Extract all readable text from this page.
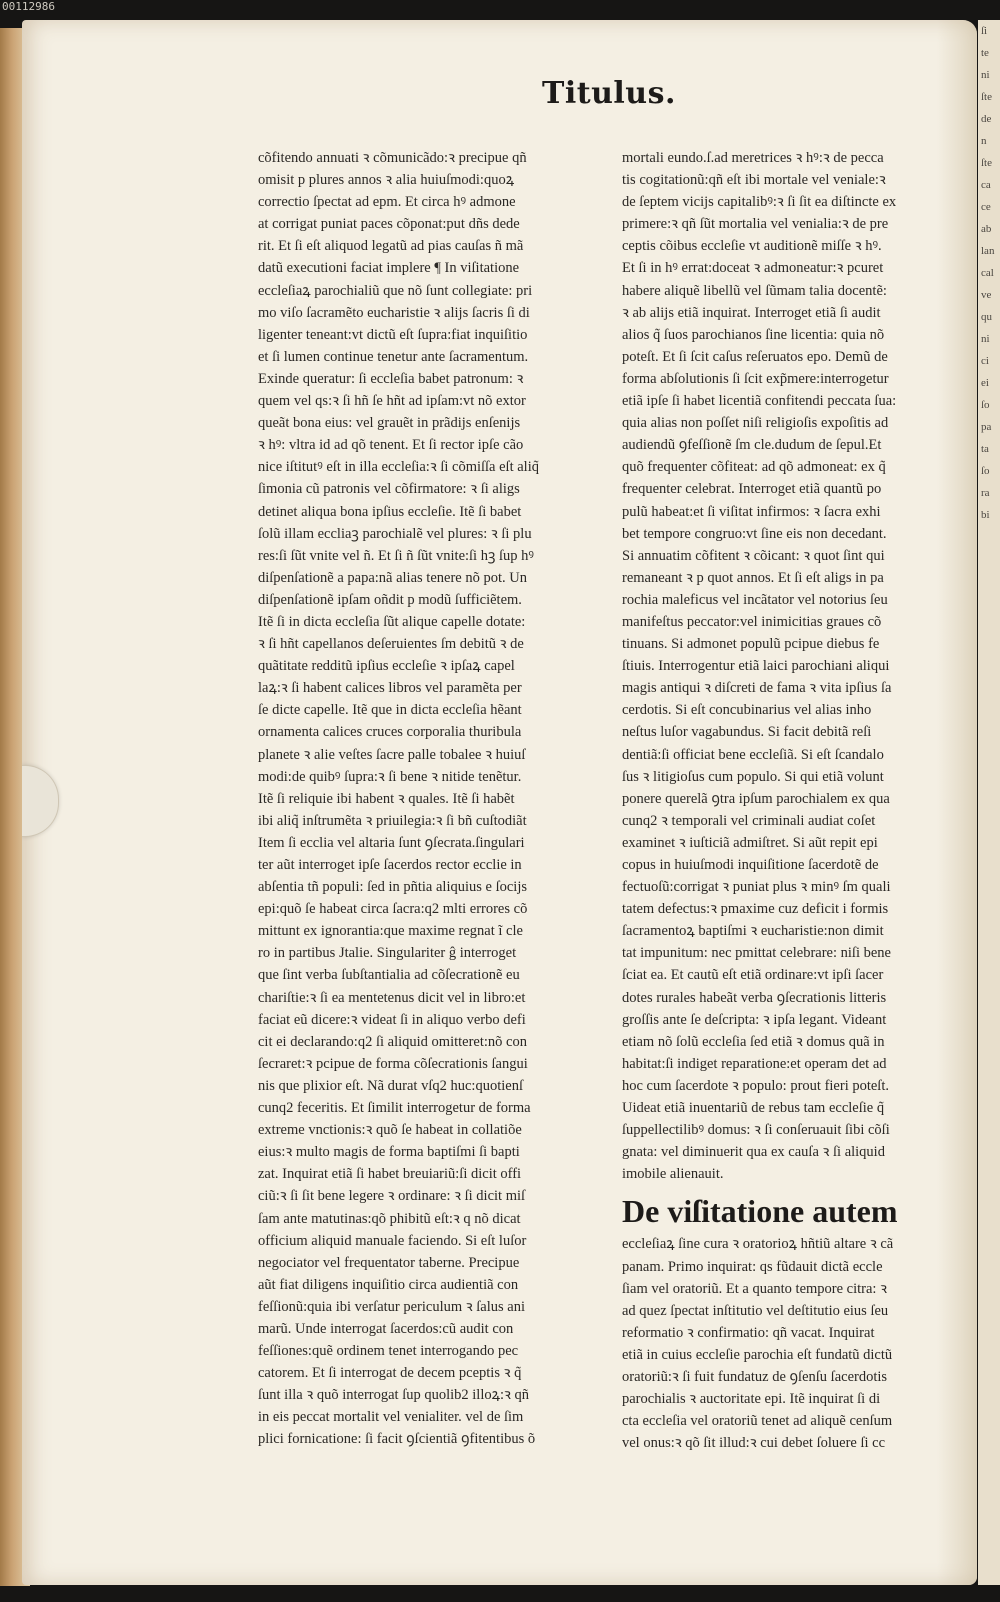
00112986
Titulus.
cõfitendo annuati ꝛ cõmunicãdo:ꝛ precipue qñ
omisit p plures annos ꝛ alia huiuſmodi:quoꝝ
correctio ſpectat ad epm. Et circa hꝰ admone
at corrigat puniat paces cõponat:put dñs dede
rit. Et ſi eſt aliquod legatũ ad pias cauſas ñ mã
datũ executioni faciat implere ¶ In viſitatione
eccleſiaꝝ parochialiũ que nõ ſunt collegiate: pri
mo viſo ſacramẽto eucharistie ꝛ alijs ſacris ſi di
ligenter teneant:vt dictũ eſt ſupra:fiat inquiſitio
et ſi lumen continue tenetur ante ſacramentum.
Exinde queratur: ſi eccleſia babet patronum: ꝛ
quem vel qs:ꝛ ſi hñ ſe hñt ad ipſam:vt nõ extor
queãt bona eius: vel grauẽt in prãdijs enſenijs
ꝛ hꝰ: vltra id ad qõ tenent. Et ſi rector ipſe cão
nice iſtitutꝰ eſt in illa eccleſia:ꝛ ſi cõmiſſa eſt aliq̃
ſimonia cũ patronis vel cõfirmatore: ꝛ ſi aligs
detinet aliqua bona ipſius eccleſie. Itẽ ſi babet
ſolũ illam eccliaꝫ parochialẽ vel plures: ꝛ ſi plu
res:ſi ſũt vnite vel ñ. Et ſi ñ ſũt vnite:ſi hꝫ ſup hꝰ
diſpenſationẽ a papa:nã alias tenere nõ pot. Un
diſpenſationẽ ipſam oñdit p modũ ſufficiẽtem.
Itẽ ſi in dicta eccleſia ſũt alique capelle dotate:
ꝛ ſi hñt capellanos deſeruientes ſm debitũ ꝛ de
quãtitate redditũ ipſius eccleſie ꝛ ipſaꝝ capel
laꝝ:ꝛ ſi habent calices libros vel paramẽta per
ſe dicte capelle. Itẽ que in dicta eccleſia hẽant
ornamenta calices cruces corporalia thuribula
planete ꝛ alie veſtes ſacre palle tobalee ꝛ huiuſ
modi:de quibꝰ ſupra:ꝛ ſi bene ꝛ nitide tenẽtur.
Itẽ ſi reliquie ibi habent ꝛ quales. Itẽ ſi habẽt
ibi aliq̃ inſtrumẽta ꝛ priuilegia:ꝛ ſi bñ cuſtodiãt
Item ſi ecclia vel altaria ſunt ꝯſecrata.ſingulari
ter aũt interroget ipſe ſacerdos rector ecclie in
abſentia tñ populi: ſed in pñtia aliquius e ſocijs
epi:quõ ſe habeat circa ſacra:q2 mlti errores cõ
mittunt ex ignorantia:que maxime regnat ĩ cle
ro in partibus Jtalie. Singulariter ĝ interroget
que ſint verba ſubſtantialia ad cõſecrationẽ eu
chariſtie:ꝛ ſi ea mentetenus dicit vel in libro:et
faciat eũ dicere:ꝛ videat ſi in aliquo verbo defi
cit ei declarando:q2 ſi aliquid omitteret:nõ con
ſecraret:ꝛ pcipue de forma cõſecrationis ſangui
nis que plixior eſt. Nã durat vſq2 huc:quotienſ
cunq2 feceritis. Et ſimilit interrogetur de forma
extreme vnctionis:ꝛ quõ ſe habeat in collatiõe
eius:ꝛ multo magis de forma baptiſmi ſi bapti
zat. Inquirat etiã ſi habet breuiariũ:ſi dicit offi
ciũ:ꝛ ſi ſit bene legere ꝛ ordinare: ꝛ ſi dicit miſ
ſam ante matutinas:qõ phibitũ eſt:ꝛ q nõ dicat
officium aliquid manuale faciendo. Si eſt luſor
negociator vel frequentator taberne. Precipue
aũt fiat diligens inquiſitio circa audientiã con
feſſionũ:quia ibi verſatur periculum ꝛ ſalus ani
marũ. Unde interrogat ſacerdos:cũ audit con
feſſiones:quẽ ordinem tenet interrogando pec
catorem. Et ſi interrogat de decem pceptis ꝛ q̃
ſunt illa ꝛ quõ interrogat ſup quolib2 illoꝝ:ꝛ qñ
in eis peccat mortalit vel venialiter. vel de ſim
plici fornicatione: ſi facit ꝯſcientiã ꝯfitentibus õ
mortali eundo.ſ.ad meretrices ꝛ hꝰ:ꝛ de pecca
tis cogitationũ:qñ eſt ibi mortale vel veniale:ꝛ
de ſeptem vicijs capitalibꝰ:ꝛ ſi ſit ea diſtincte ex
primere:ꝛ qñ ſũt mortalia vel venialia:ꝛ de pre
ceptis cõibus eccleſie vt auditionẽ miſſe ꝛ hꝰ.
Et ſi in hꝰ errat:doceat ꝛ admoneatur:ꝛ pcuret
habere aliquẽ libellũ vel ſũmam talia docentẽ:
ꝛ ab alijs etiã inquirat. Interroget etiã ſi audit
alios q̃ ſuos parochianos ſine licentia: quia nõ
poteſt. Et ſi ſcit caſus reſeruatos epo. Demũ de
forma abſolutionis ſi ſcit exp̃mere:interrogetur
etiã ipſe ſi habet licentiã confitendi peccata ſua:
quia alias non poſſet niſi religioſis expoſitis ad
audiendũ ꝯfeſſionẽ ſm cle.dudum de ſepul.Et
quõ frequenter cõfiteat: ad qõ admoneat: ex q̃
frequenter celebrat. Interroget etiã quantũ po
pulũ habeat:et ſi viſitat infirmos: ꝛ ſacra exhi
bet tempore congruo:vt ſine eis non decedant.
Si annuatim cõfitent ꝛ cõicant: ꝛ quot ſint qui
remaneant ꝛ p quot annos. Et ſi eſt aligs in pa
rochia maleficus vel incãtator vel notorius ſeu
manifeſtus peccator:vel inimicitias graues cõ
tinuans. Si admonet populũ pcipue diebus fe
ſtiuis. Interrogentur etiã laici parochiani aliqui
magis antiqui ꝛ diſcreti de fama ꝛ vita ipſius ſa
cerdotis. Si eſt concubinarius vel alias inho
neſtus luſor vagabundus. Si facit debitã reſi
dentiã:ſi officiat bene eccleſiã. Si eſt ſcandalo
ſus ꝛ litigioſus cum populo. Si qui etiã volunt
ponere querelã ꝯtra ipſum parochialem ex qua
cunq2 ꝛ temporali vel criminali audiat coſet
examinet ꝛ iuſticiã admiſtret. Si aũt repit epi
copus in huiuſmodi inquiſitione ſacerdotẽ de
fectuoſũ:corrigat ꝛ puniat plus ꝛ minꝰ ſm quali
tatem defectus:ꝛ pmaxime cuz deficit i formis
ſacramentoꝝ baptiſmi ꝛ eucharistie:non dimit
tat impunitum: nec pmittat celebrare: niſi bene
ſciat ea. Et cautũ eſt etiã ordinare:vt ipſi ſacer
dotes rurales habeãt verba ꝯſecrationis litteris
groſſis ante ſe deſcripta: ꝛ ipſa legant. Videant
etiam nõ ſolũ eccleſia ſed etiã ꝛ domus quã in
habitat:ſi indiget reparatione:et operam det ad
hoc cum ſacerdote ꝛ populo: prout fieri poteſt.
Uideat etiã inuentariũ de rebus tam eccleſie q̃
ſuppellectilibꝰ domus: ꝛ ſi conſeruauit ſibi cõſi
gnata: vel diminuerit qua ex cauſa ꝛ ſi aliquid
imobile alienauit.
De viſitatione autem
eccleſiaꝝ ſine cura ꝛ oratorioꝝ hñtiũ altare ꝛ cã
panam. Primo inquirat: qs fũdauit dictã eccle
ſiam vel oratoriũ. Et a quanto tempore citra: ꝛ
ad quez ſpectat inſtitutio vel deſtitutio eius ſeu
reformatio ꝛ confirmatio: qñ vacat. Inquirat
etiã in cuius eccleſie parochia eſt fundatũ dictũ
oratoriũ:ꝛ ſi fuit fundatuz de ꝯſenſu ſacerdotis
parochialis ꝛ auctoritate epi. Itẽ inquirat ſi di
cta eccleſia vel oratoriũ tenet ad aliquẽ cenſum
vel onus:ꝛ qõ ſit illud:ꝛ cui debet ſoluere ſi cc
ſi
te
ni
ſte
de
n
ſte
ca
ce
ab
lan
cal
ve
qu
ni
ci
ei
ſo
pa
ta
ſo
ra
bi
